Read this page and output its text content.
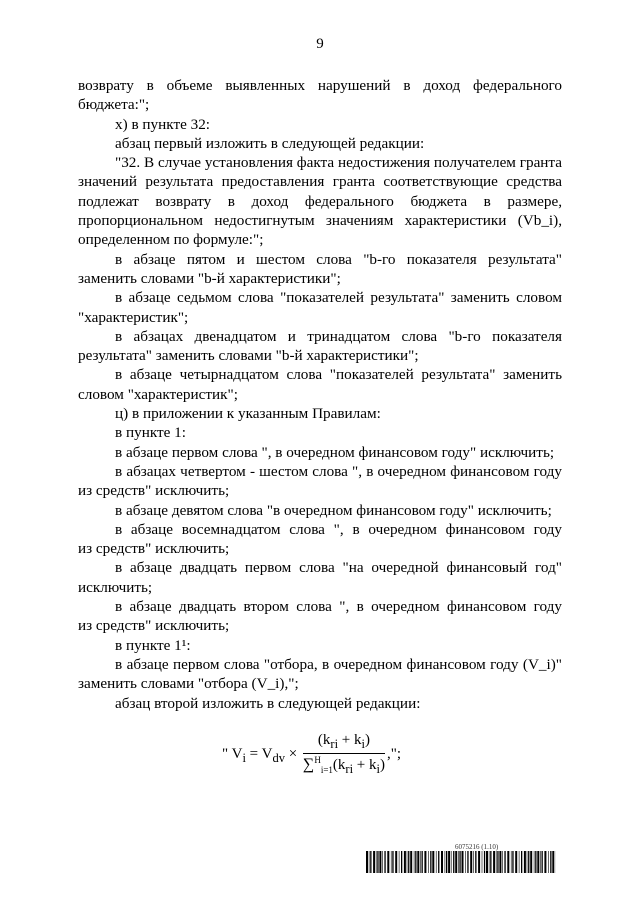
9

возврату в объеме выявленных нарушений в доход федерального

бюджета:";

х) в пункте 32:

абзац первый изложить в следующей редакции:

"32. В случае установления факта недостижения получателем гранта

значений результата предоставления гранта соответствующие средства

подлежат возврату в доход федерального бюджета в размере,

пропорциональном недостигнутым значениям характеристики (Vb_i),

определенном по формуле:";

в абзаце пятом и шестом слова "b-го показателя результата"

заменить словами "b-й характеристики";

в абзаце седьмом слова "показателей результата" заменить словом

"характеристик";

в абзацах двенадцатом и тринадцатом слова "b-го показателя

результата" заменить словами "b-й характеристики";

в абзаце четырнадцатом слова "показателей результата" заменить

словом "характеристик";

ц) в приложении к указанным Правилам:

в пункте 1:

в абзаце первом слова ", в очередном финансовом году" исключить;

в абзацах четвертом - шестом слова ", в очередном финансовом году

из средств" исключить;

в абзаце девятом слова "в очередном финансовом году" исключить;

в абзаце восемнадцатом слова ", в очередном финансовом году

из средств" исключить;

в абзаце двадцать первом слова "на очередной финансовый год"

исключить;

в абзаце двадцать втором слова ", в очередном финансовом году

из средств" исключить;

в пункте 1¹:

в абзаце первом слова "отбора, в очередном финансовом году (V_i)"

заменить словами "отбора (V_i),";

абзац второй изложить в следующей редакции:

" $V_i = V_{dv} \times \frac{(k_{ri} + k_i)}{\sum^H_{i=1}(k_{ri} + k_i)}$ ,";
6075216 (1.10)
